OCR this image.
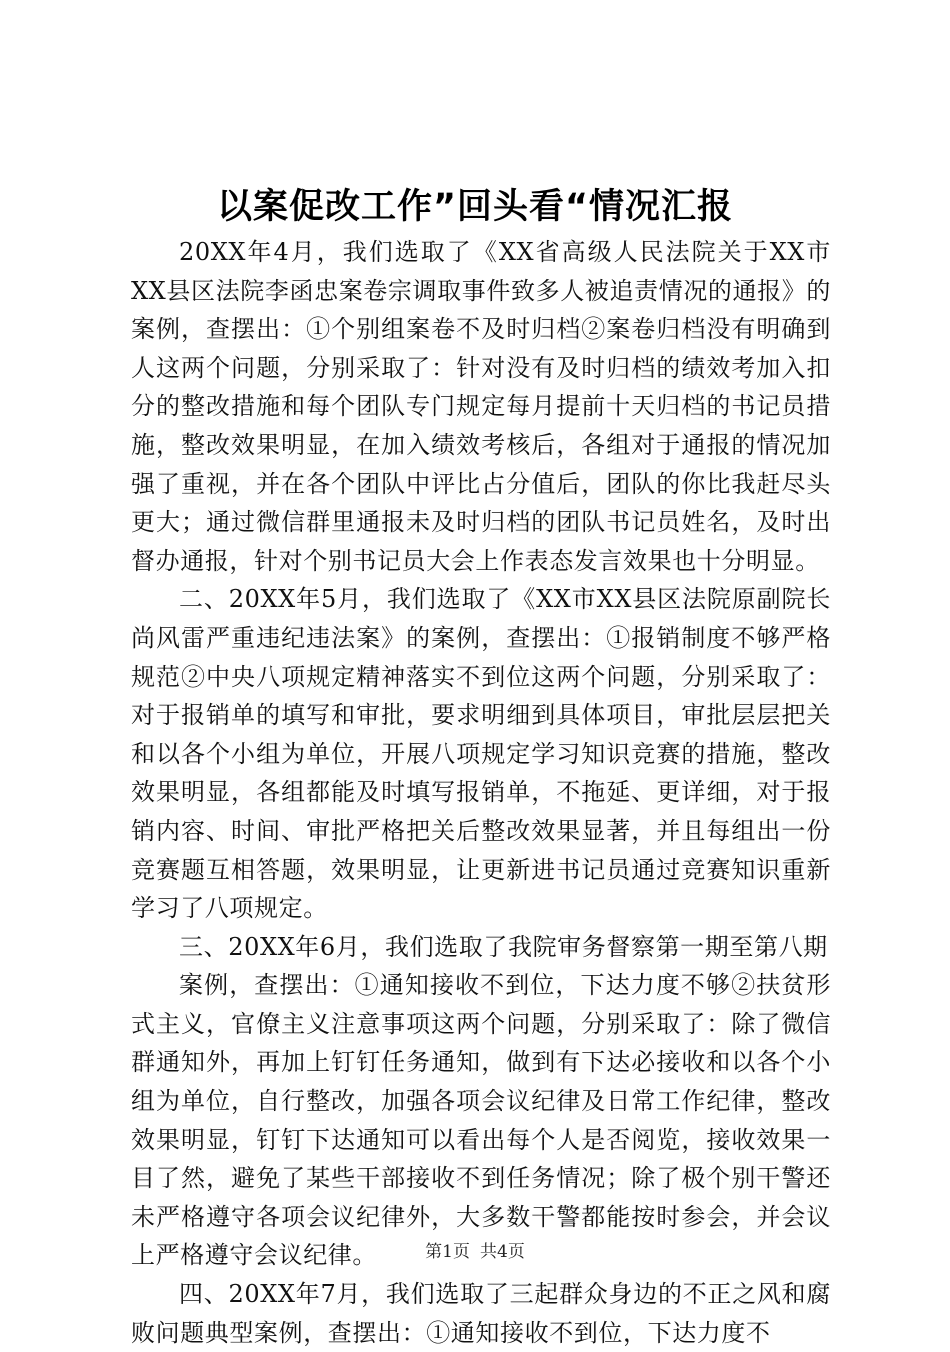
以案促改工作”回头看“情况汇报

20XX年4月，我们选取了《XX省高级人民法院关于XX市XX县区法院李函忠案卷宗调取事件致多人被追责情况的通报》的案例，查摆出：①个别组案卷不及时归档②案卷归档没有明确到人这两个问题，分别采取了：针对没有及时归档的绩效考加入扣分的整改措施和每个团队专门规定每月提前十天归档的书记员措施，整改效果明显，在加入绩效考核后，各组对于通报的情况加强了重视，并在各个团队中评比占分值后，团队的你比我赶尽头更大；通过微信群里通报未及时归档的团队书记员姓名，及时出督办通报，针对个别书记员大会上作表态发言效果也十分明显。

二、20XX年5月，我们选取了《XX市XX县区法院原副院长尚风雷严重违纪违法案》的案例，查摆出：①报销制度不够严格规范②中央八项规定精神落实不到位这两个问题，分别采取了：对于报销单的填写和审批，要求明细到具体项目，审批层层把关和以各个小组为单位，开展八项规定学习知识竞赛的措施，整改效果明显，各组都能及时填写报销单，不拖延、更详细，对于报销内容、时间、审批严格把关后整改效果显著，并且每组出一份竞赛题互相答题，效果明显，让更新进书记员通过竞赛知识重新学习了八项规定。

三、20XX年6月，我们选取了我院审务督察第一期至第八期

案例，查摆出：①通知接收不到位，下达力度不够②扶贫形式主义，官僚主义注意事项这两个问题，分别采取了：除了微信群通知外，再加上钉钉任务通知，做到有下达必接收和以各个小组为单位，自行整改，加强各项会议纪律及日常工作纪律，整改效果明显，钉钉下达通知可以看出每个人是否阅览，接收效果一目了然，避免了某些干部接收不到任务情况；除了极个别干警还未严格遵守各项会议纪律外，大多数干警都能按时参会，并会议上严格遵守会议纪律。

四、20XX年7月，我们选取了三起群众身边的不正之风和腐败问题典型案例，查摆出：①通知接收不到位，下达力度不

第1页 共4页
